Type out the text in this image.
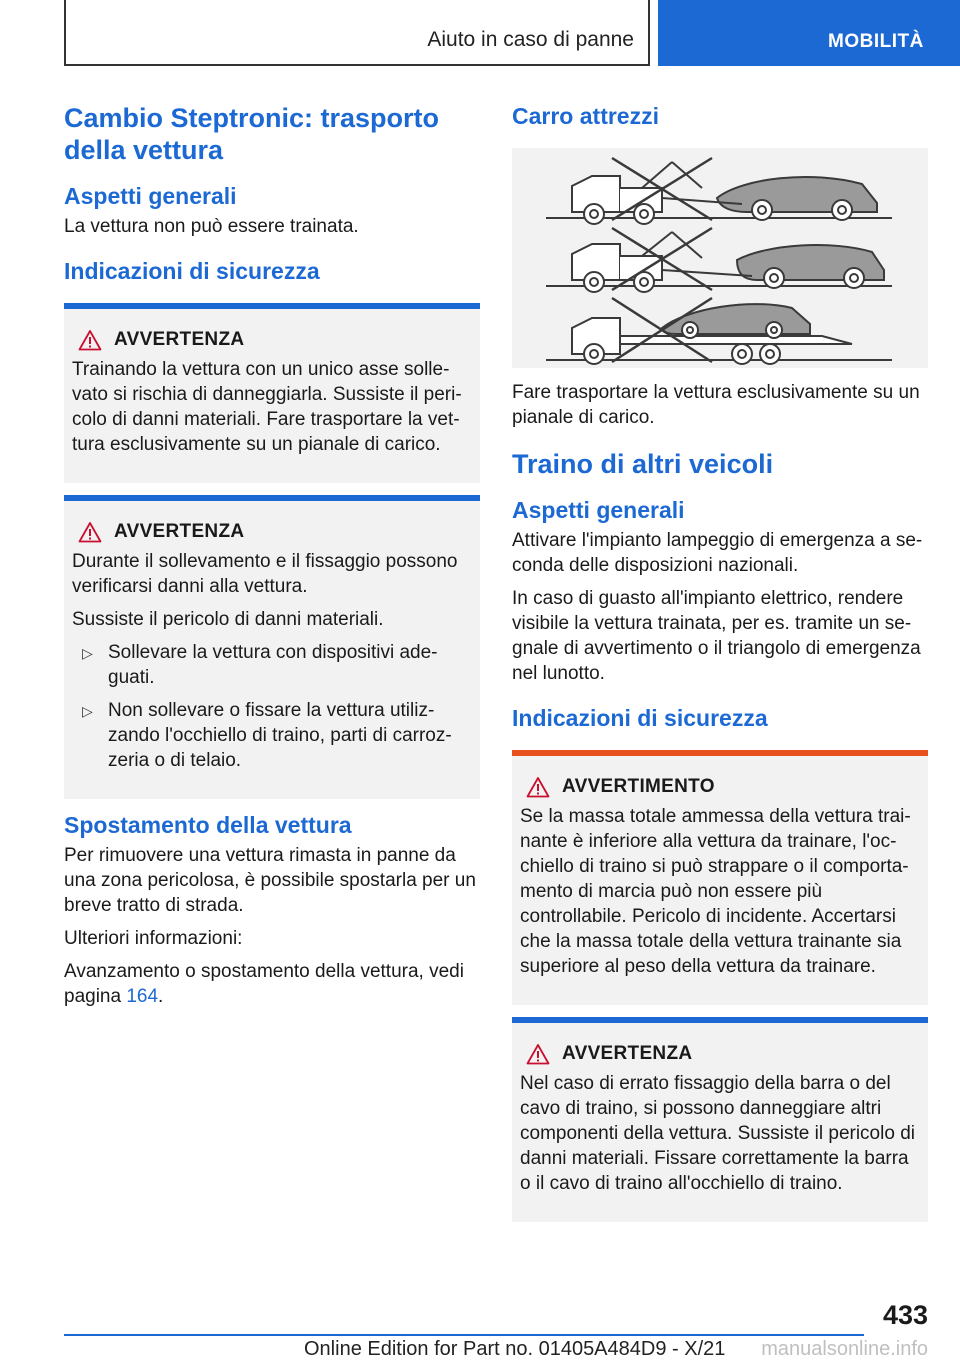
Aiuto in caso di panne	MOBILITÀ
Cambio Steptronic: trasporto della vettura
Aspetti generali

La vettura non può essere trainata.

Indicazioni di sicurezza
AVVERTENZA

Trainando la vettura con un unico asse solle-vato si rischia di danneggiarla. Sussiste il peri-colo di danni materiali. Fare trasportare la vet-tura esclusivamente su un pianale di carico.

AVVERTENZA

Durante il sollevamento e il fissaggio possono verificarsi danni alla vettura.

Sussiste il pericolo di danni materiali.

▷ Sollevare la vettura con dispositivi ade-guati.
▷ Non sollevare o fissare la vettura utiliz-zando l'occhiello di traino, parti di carroz-zeria o di telaio.
Spostamento della vettura

Per rimuovere una vettura rimasta in panne da una zona pericolosa, è possibile spostarla per un breve tratto di strada.

Ulteriori informazioni:

Avanzamento o spostamento della vettura, vedi pagina 164.

Carro attrezzi

Fare trasportare la vettura esclusivamente su un pianale di carico.

Traino di altri veicoli
Aspetti generali

Attivare l'impianto lampeggio di emergenza a se-conda delle disposizioni nazionali.

In caso di guasto all'impianto elettrico, rendere visibile la vettura trainata, per es. tramite un se-gnale di avvertimento o il triangolo di emergenza nel lunotto.

Indicazioni di sicurezza
AVVERTIMENTO

Se la massa totale ammessa della vettura trai-nante è inferiore alla vettura da trainare, l'oc-chiello di traino si può strappare o il comporta-mento di marcia può non essere più controllabile. Pericolo di incidente. Accertarsi che la massa totale della vettura trainante sia superiore al peso della vettura da trainare.

AVVERTENZA

Nel caso di errato fissaggio della barra o del cavo di traino, si possono danneggiare altri componenti della vettura. Sussiste il pericolo di danni materiali. Fissare correttamente la barra o il cavo di traino all'occhiello di traino.

433
Online Edition for Part no. 01405A484D9 - X/21 manualsonline.info
